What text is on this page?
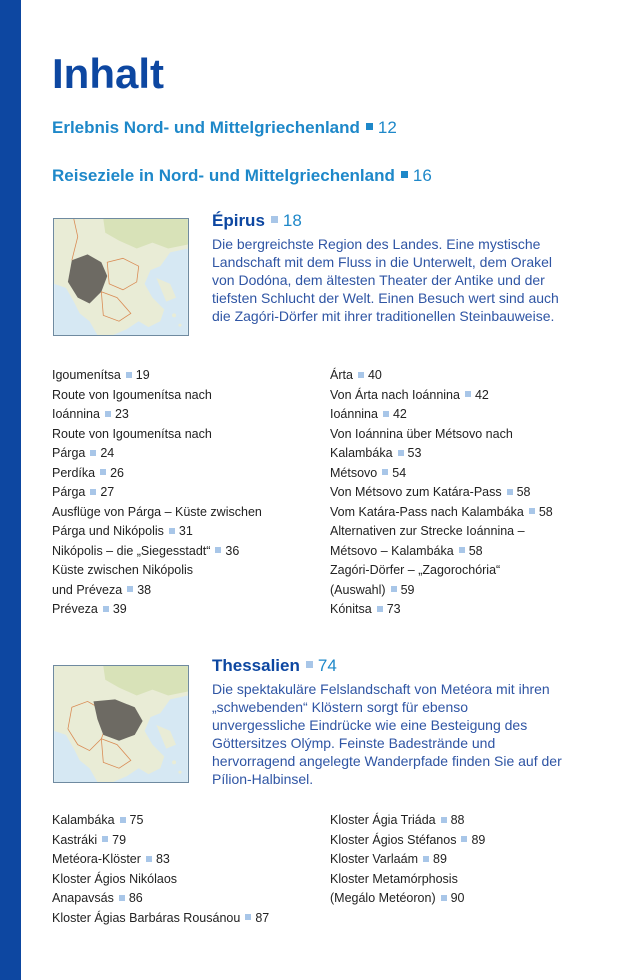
Inhalt
Erlebnis Nord- und Mittelgriechenland 12
Reiseziele in Nord- und Mittelgriechenland 16
Épirus 18

Die bergreichste Region des Landes. Eine mystische Landschaft mit dem Fluss in die Unterwelt, dem Orakel von Dodóna, dem ältesten Theater der Antike und der tiefsten Schlucht der Welt. Einen Besuch wert sind auch die Zagóri-Dörfer mit ihrer traditionellen Steinbauweise.

Igoumenítsa 19
Route von Igoumenítsa nach
Ioánnina 23
Route von Igoumenítsa nach
Párga 24
Perdíka 26
Párga 27
Ausflüge von Párga – Küste zwischen
Párga und Nikópolis 31
Nikópolis – die „Siegesstadt“ 36
Küste zwischen Nikópolis
und Préveza 38
Préveza 39
Árta 40
Von Árta nach Ioánnina 42
Ioánnina 42
Von Ioánnina über Métsovo nach
Kalambáka 53
Métsovo 54
Von Métsovo zum Katára-Pass 58
Vom Katára-Pass nach Kalambáka 58
Alternativen zur Strecke Ioánnina –
Métsovo – Kalambáka 58
Zagóri-Dörfer – „Zagorochória“
(Auswahl) 59
Kónitsa 73
Thessalien 74

Die spektakuläre Felslandschaft von Metéora mit ihren „schwebenden“ Klöstern sorgt für ebenso unvergessliche Eindrücke wie eine Besteigung des Göttersitzes Olýmp. Feinste Badestrände und hervorragend angelegte Wanderpfade finden Sie auf der Pílion-Halbinsel.

Kalambáka 75
Kastráki 79
Metéora-Klöster 83
Kloster Ágios Nikólaos
Anapavsás 86
Kloster Ágias Barbáras Rousánou 87
Kloster Ágia Triáda 88
Kloster Ágios Stéfanos 89
Kloster Varlaám 89
Kloster Metamórphosis
(Megálo Metéoron) 90
